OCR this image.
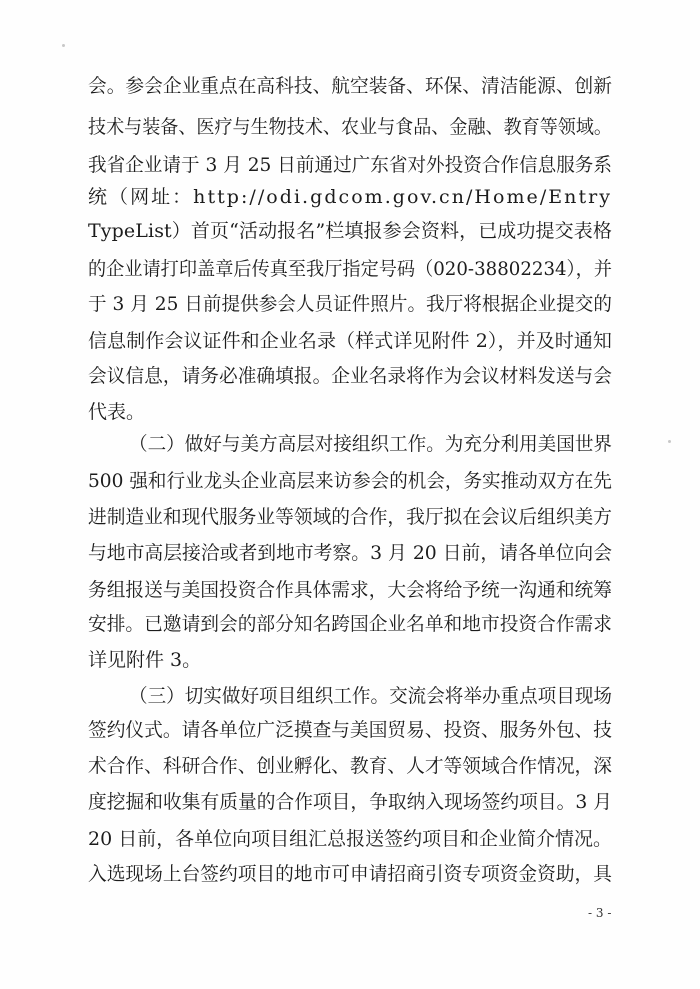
会。参会企业重点在高科技、航空装备、环保、清洁能源、创新
技术与装备、医疗与生物技术、农业与食品、金融、教育等领域。
我省企业请于 3 月 25 日前通过广东省对外投资合作信息服务系
统（网址：http://odi.gdcom.gov.cn/Home/Entry
TypeList）首页“活动报名”栏填报参会资料，已成功提交表格
的企业请打印盖章后传真至我厅指定号码（020-38802234），并
于 3 月 25 日前提供参会人员证件照片。我厅将根据企业提交的
信息制作会议证件和企业名录（样式详见附件 2），并及时通知
会议信息，请务必准确填报。企业名录将作为会议材料发送与会
代表。
（二）做好与美方高层对接组织工作。为充分利用美国世界
500 强和行业龙头企业高层来访参会的机会，务实推动双方在先
进制造业和现代服务业等领域的合作，我厅拟在会议后组织美方
与地市高层接洽或者到地市考察。3 月 20 日前，请各单位向会
务组报送与美国投资合作具体需求，大会将给予统一沟通和统筹
安排。已邀请到会的部分知名跨国企业名单和地市投资合作需求
详见附件 3。
（三）切实做好项目组织工作。交流会将举办重点项目现场
签约仪式。请各单位广泛摸查与美国贸易、投资、服务外包、技
术合作、科研合作、创业孵化、教育、人才等领域合作情况，深
度挖掘和收集有质量的合作项目，争取纳入现场签约项目。3 月
20 日前，各单位向项目组汇总报送签约项目和企业简介情况。
入选现场上台签约项目的地市可申请招商引资专项资金资助，具
- 3 -
